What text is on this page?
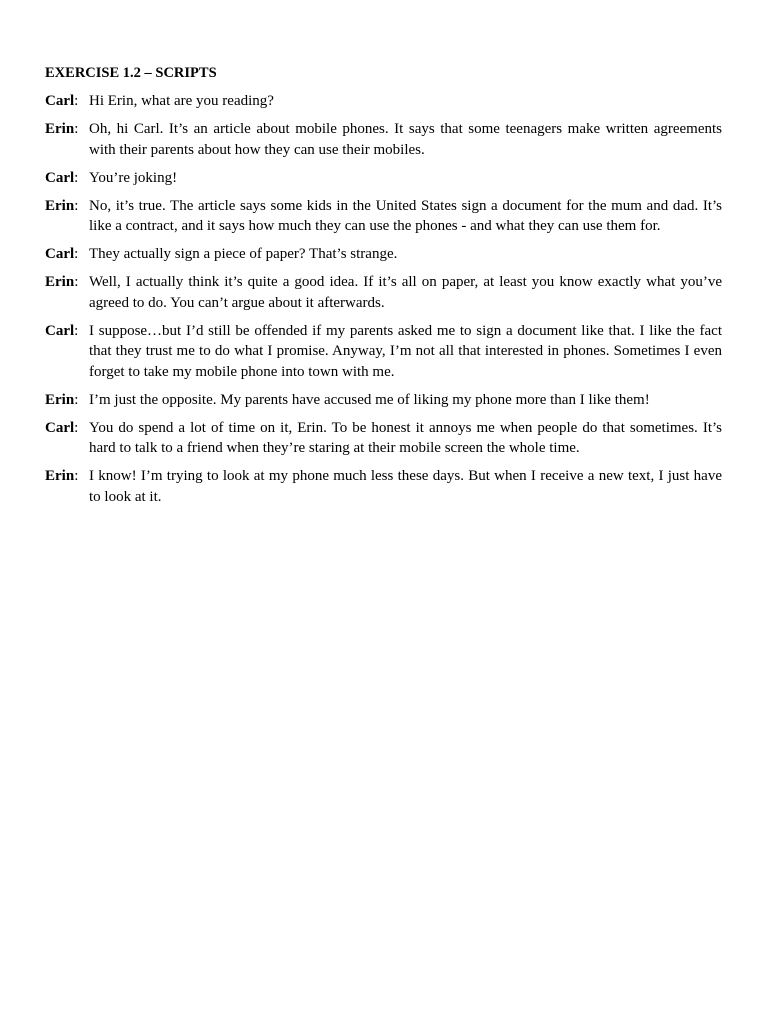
EXERCISE 1.2 – SCRIPTS
Carl: Hi Erin, what are you reading?
Erin: Oh, hi Carl. It’s an article about mobile phones. It says that some teenagers make written agreements with their parents about how they can use their mobiles.
Carl: You’re joking!
Erin: No, it’s true. The article says some kids in the United States sign a document for the mum and dad. It’s like a contract, and it says how much they can use the phones - and what they can use them for.
Carl: They actually sign a piece of paper? That’s strange.
Erin: Well, I actually think it’s quite a good idea. If it’s all on paper, at least you know exactly what you’ve agreed to do. You can’t argue about it afterwards.
Carl: I suppose…but I’d still be offended if my parents asked me to sign a document like that. I like the fact that they trust me to do what I promise. Anyway, I’m not all that interested in phones. Sometimes I even forget to take my mobile phone into town with me.
Erin: I’m just the opposite. My parents have accused me of liking my phone more than I like them!
Carl: You do spend a lot of time on it, Erin. To be honest it annoys me when people do that sometimes. It’s hard to talk to a friend when they’re staring at their mobile screen the whole time.
Erin: I know! I’m trying to look at my phone much less these days. But when I receive a new text, I just have to look at it.
